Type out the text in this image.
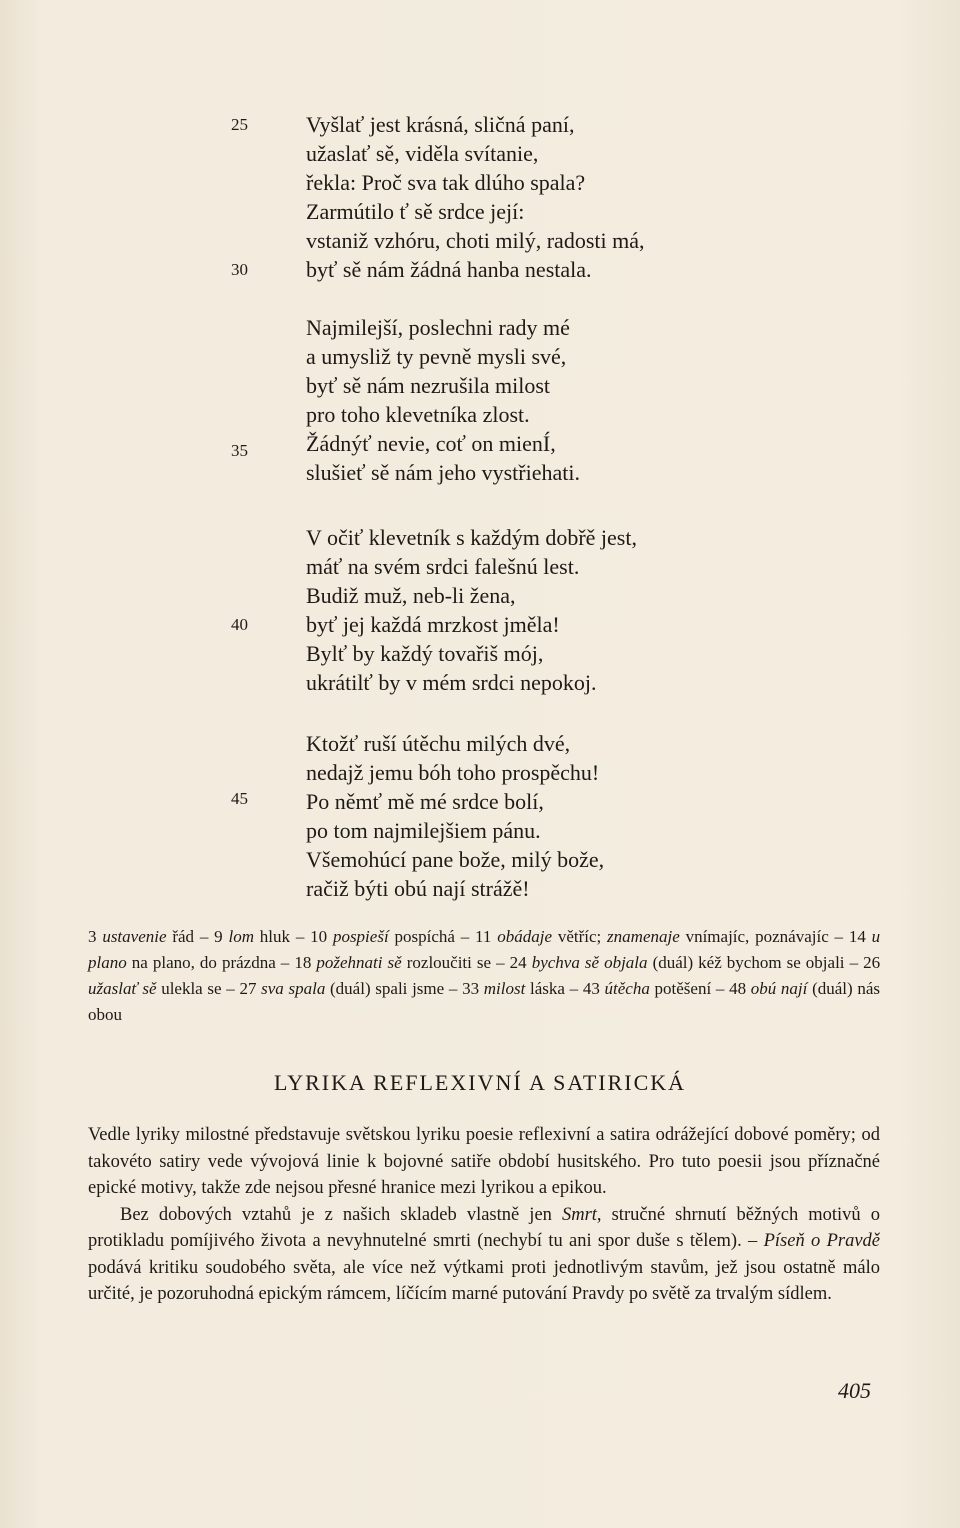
25
30
35
40
45
Vyšlať jest krásná, sličná paní,
užaslať sě, viděla svítanie,
řekla: Proč sva tak dlúho spala?
Zarmútilo ť sě srdce její:
vstaniž vzhóru, choti milý, radosti má,
byť sě nám žádná hanba nestala.
Najmilejší, poslechni rady mé
a umysliž ty pevně mysli své,
byť sě nám nezrušila milost
pro toho klevetníka zlost.
Žádnýť nevie, coť on mienÍ,
slušieť sě nám jeho vystřiehati.
V očiť klevetník s každým dobřě jest,
máť na svém srdci falešnú lest.
Budiž muž, neb-li žena,
byť jej každá mrzkost jměla!
Bylť by každý tovařiš mój,
ukrátilť by v mém srdci nepokoj.
Ktožť ruší útěchu milých dvé,
nedajž jemu bóh toho prospěchu!
Po němť mě mé srdce bolí,
po tom najmilejšiem pánu.
Všemohúcí pane bože, milý bože,
račiž býti obú nají strážě!
3 ustavenie řád – 9 lom hluk – 10 pospieší pospíchá – 11 obádaje větříc; znamenaje vnímajíc, poznávajíc – 14 u plano na plano, do prázdna – 18 požehnati sě rozloučiti se – 24 bychva sě objala (duál) kéž bychom se objali – 26 užaslať sě ulekla se – 27 sva spala (duál) spali jsme – 33 milost láska – 43 útěcha potěšení – 48 obú nají (duál) nás obou
LYRIKA REFLEXIVNÍ A SATIRICKÁ

Vedle lyriky milostné představuje světskou lyriku poesie reflexivní a satira odrážející dobové poměry; od takovéto satiry vede vývojová linie k bojovné satiře období husitského. Pro tuto poesii jsou příznačné epické motivy, takže zde nejsou přesné hranice mezi lyrikou a epikou.

Bez dobových vztahů je z našich skladeb vlastně jen Smrt, stručné shrnutí běžných motivů o protikladu pomíjivého života a nevyhnutelné smrti (nechybí tu ani spor duše s tělem). – Píseň o Pravdě podává kritiku soudobého světa, ale více než výtkami proti jednotlivým stavům, jež jsou ostatně málo určité, je pozoruhodná epickým rámcem, líčícím marné putování Pravdy po světě za trvalým sídlem.

405
